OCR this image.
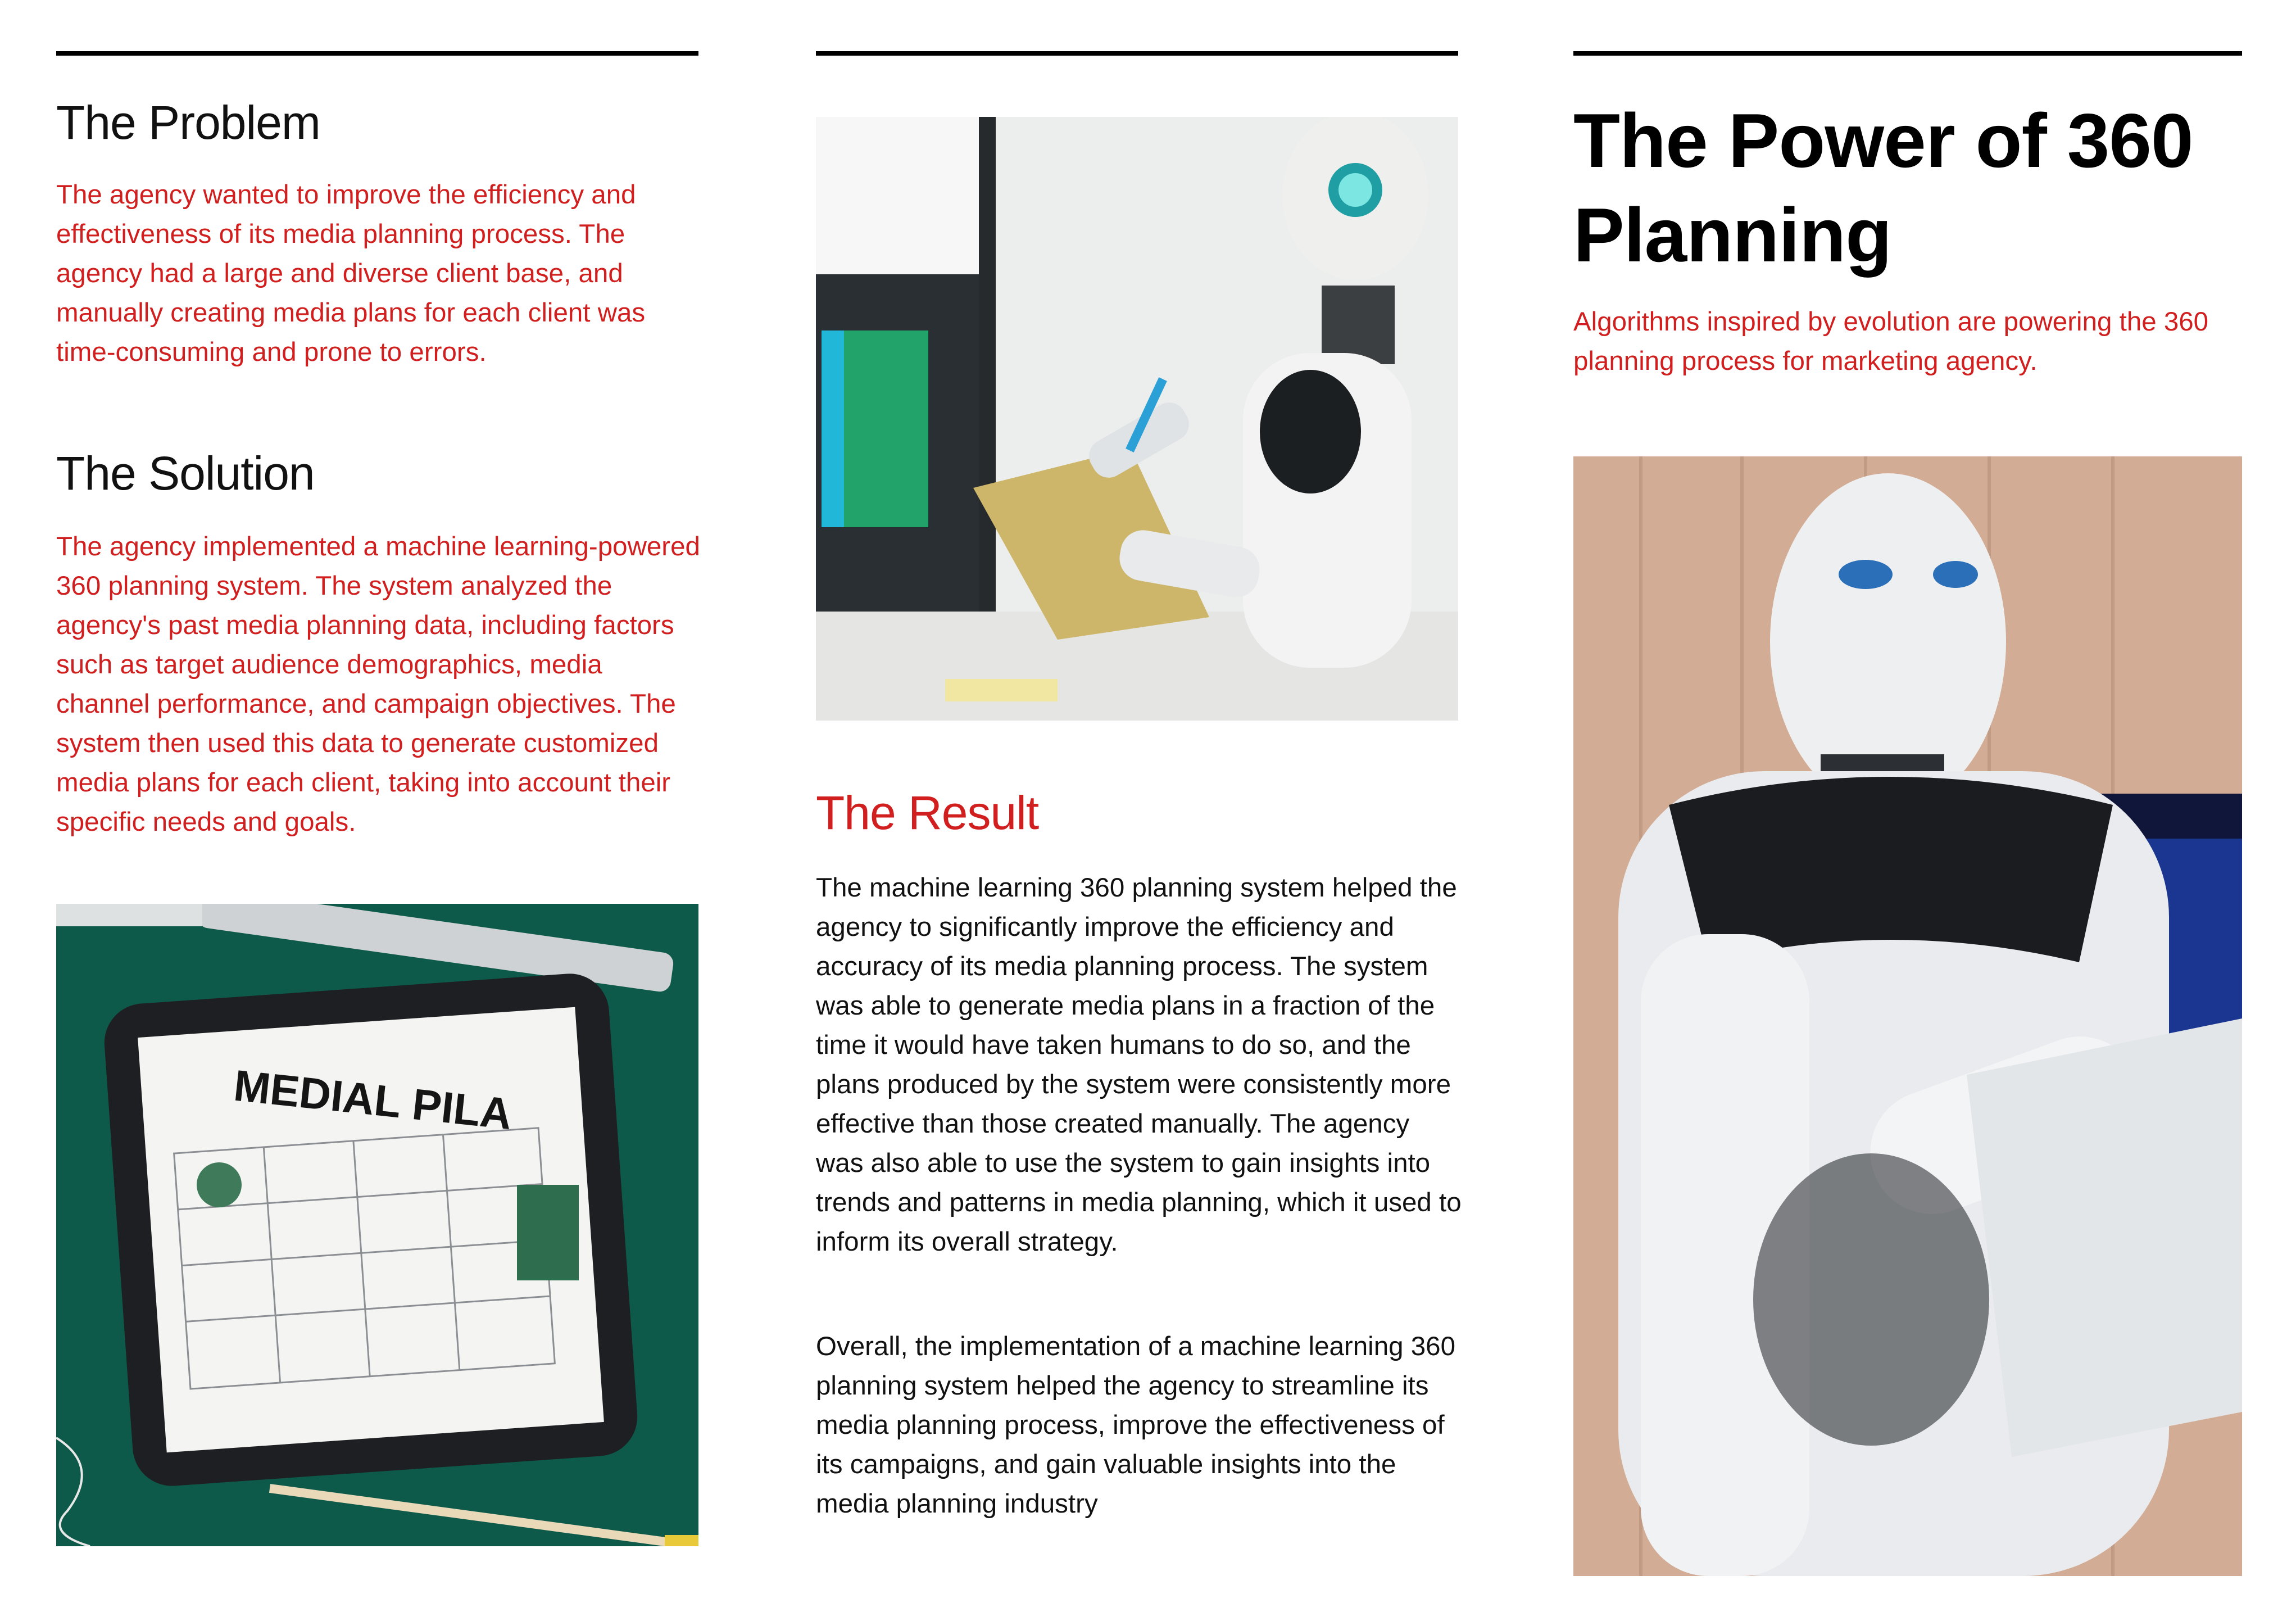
The Problem

The agency wanted to improve the efficiency and effectiveness of its media planning process. The agency had a large and diverse client base, and manually creating media plans for each client was time-consuming and prone to errors.

The Solution

The agency implemented a machine learning-powered 360 planning system. The system analyzed the agency's past media planning data, including factors such as target audience demographics, media channel performance, and campaign objectives. The system then used this data to generate customized media plans for each client, taking into account their specific needs and goals.

MEDIAL PILA
The Result

The machine learning 360 planning system helped the agency to significantly improve the efficiency and accuracy of its media planning process. The system was able to generate media plans in a fraction of the time it would have taken humans to do so, and the plans produced by the system were consistently more effective than those created manually. The agency was also able to use the system to gain insights into trends and patterns in media planning, which it used to inform its overall strategy.

Overall, the implementation of a machine learning 360 planning system helped the agency to streamline its media planning process, improve the effectiveness of its campaigns, and gain valuable insights into the media planning industry

The Power of 360 Planning

Algorithms inspired by evolution are powering the 360 planning process for marketing agency.
